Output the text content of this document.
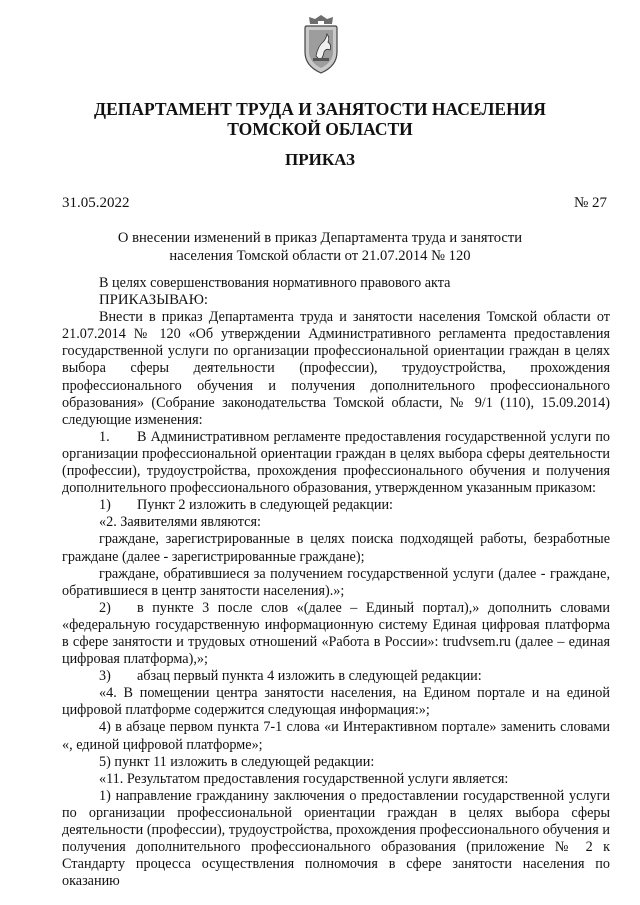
ДЕПАРТАМЕНТ ТРУДА И ЗАНЯТОСТИ НАСЕЛЕНИЯ
ТОМСКОЙ ОБЛАСТИ
ПРИКАЗ
31.05.2022	№ 27
О внесении изменений в приказ Департамента труда и занятости
населения Томской области от 21.07.2014 № 120

В целях совершенствования нормативного правового акта

ПРИКАЗЫВАЮ:

Внести в приказ Департамента труда и занятости населения Томской области от 21.07.2014 № 120 «Об утверждении Административного регламента предоставления государственной услуги по организации профессиональной ориентации граждан в целях выбора сферы деятельности (профессии), трудоустройства, прохождения профессионального обучения и получения дополнительного профессионального образования» (Собрание законодательства Томской области, № 9/1 (110), 15.09.2014) следующие изменения:

1. В Административном регламенте предоставления государственной услуги по организации профессиональной ориентации граждан в целях выбора сферы деятельности (профессии), трудоустройства, прохождения профессионального обучения и получения дополнительного профессионального образования, утвержденном указанным приказом:

1) Пункт 2 изложить в следующей редакции:

«2. Заявителями являются:

граждане, зарегистрированные в целях поиска подходящей работы, безработные граждане (далее - зарегистрированные граждане);

граждане, обратившиеся за получением государственной услуги (далее - граждане, обратившиеся в центр занятости населения).»;

2) в пункте 3 после слов «(далее – Единый портал),» дополнить словами «федеральную государственную информационную систему Единая цифровая платформа в сфере занятости и трудовых отношений «Работа в России»: trudvsem.ru (далее – единая цифровая платформа),»;

3) абзац первый пункта 4 изложить в следующей редакции:

«4. В помещении центра занятости населения, на Едином портале и на единой цифровой платформе содержится следующая информация:»;

4) в абзаце первом пункта 7-1 слова «и Интерактивном портале» заменить словами «, единой цифровой платформе»;

5) пункт 11 изложить в следующей редакции:

«11. Результатом предоставления государственной услуги является:

1) направление гражданину заключения о предоставлении государственной услуги по организации профессиональной ориентации граждан в целях выбора сферы деятельности (профессии), трудоустройства, прохождения профессионального обучения и получения дополнительного профессионального образования (приложение № 2 к Стандарту процесса осуществления полномочия в сфере занятости населения по оказанию
